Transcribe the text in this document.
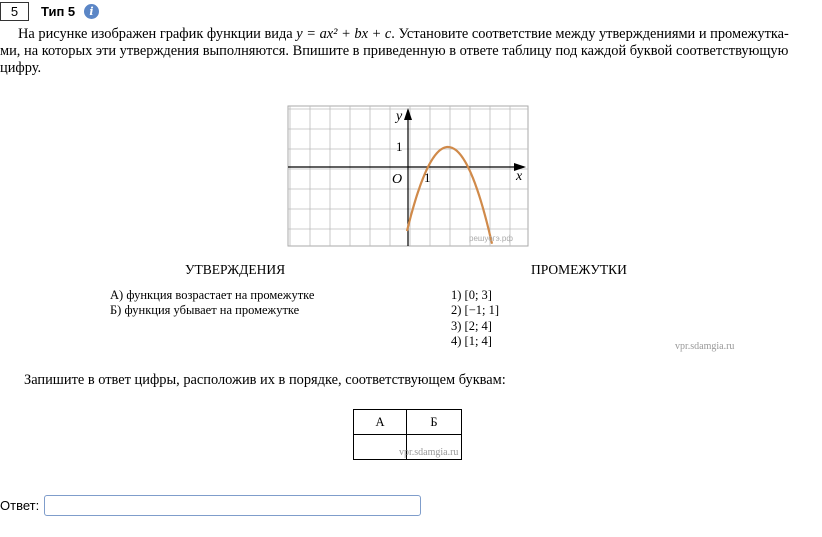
5	Тип 5	i
На рисунке изображен график функции вида y = ax² + bx + c. Установите соответствие между утверждениями и промежутка-
ми, на которых эти утверждения выполняются. Впишите в приведенную в ответе таблицу под каждой буквой соответствующую
цифру.
y
x
O
1
1
решуогэ.рф
УТВЕРЖДЕНИЯ	ПРОМЕЖУТКИ
А) функция возрастает на промежутке
Б) функция убывает на промежутке
1) [0; 3]
2) [−1; 1]
3) [2; 4]
4) [1; 4]	vpr.sdamgia.ru
Запишите в ответ цифры, расположив их в порядке, соответствующем буквам:
А	Б

vpr.sdamgia.ru
Ответ:
